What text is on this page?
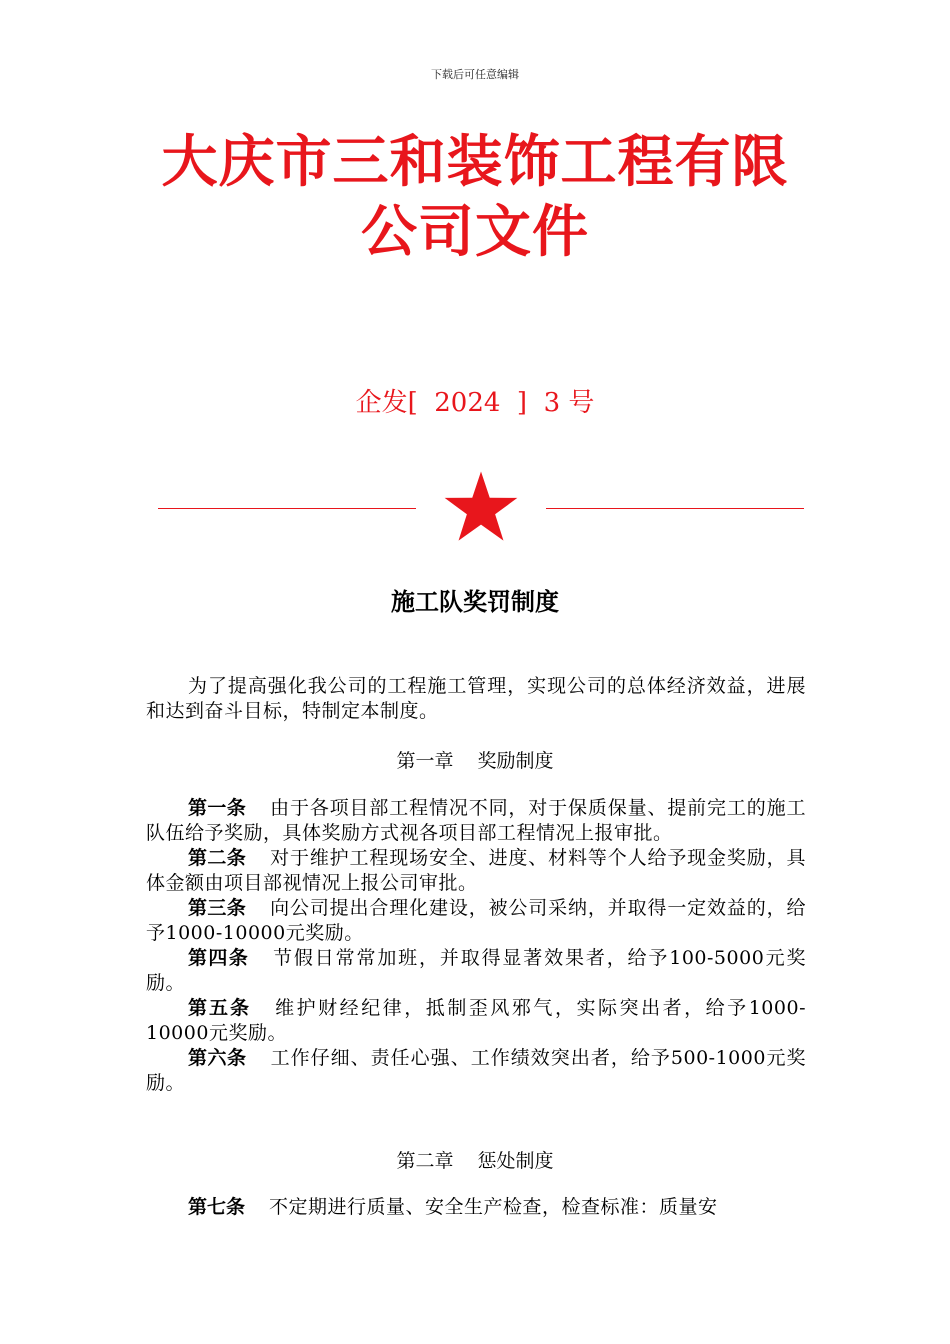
下载后可任意编辑
大庆市三和装饰工程有限
公司文件
企发[  2024  ]  3 号
施工队奖罚制度

为了提高强化我公司的工程施工管理，实现公司的总体经济效益，进展和达到奋斗目标，特制定本制度。

第一章 奖励制度

第一条 由于各项目部工程情况不同，对于保质保量、提前完工的施工队伍给予奖励，具体奖励方式视各项目部工程情况上报审批。

第二条 对于维护工程现场安全、进度、材料等个人给予现金奖励，具体金额由项目部视情况上报公司审批。

第三条 向公司提出合理化建设，被公司采纳，并取得一定效益的，给予1000-10000元奖励。

第四条 节假日常常加班，并取得显著效果者，给予100-5000元奖励。

第五条 维护财经纪律，抵制歪风邪气，实际突出者，给予1000-10000元奖励。

第六条 工作仔细、责任心强、工作绩效突出者，给予500-1000元奖励。

第二章 惩处制度

第七条 不定期进行质量、安全生产检查，检查标准：质量安
